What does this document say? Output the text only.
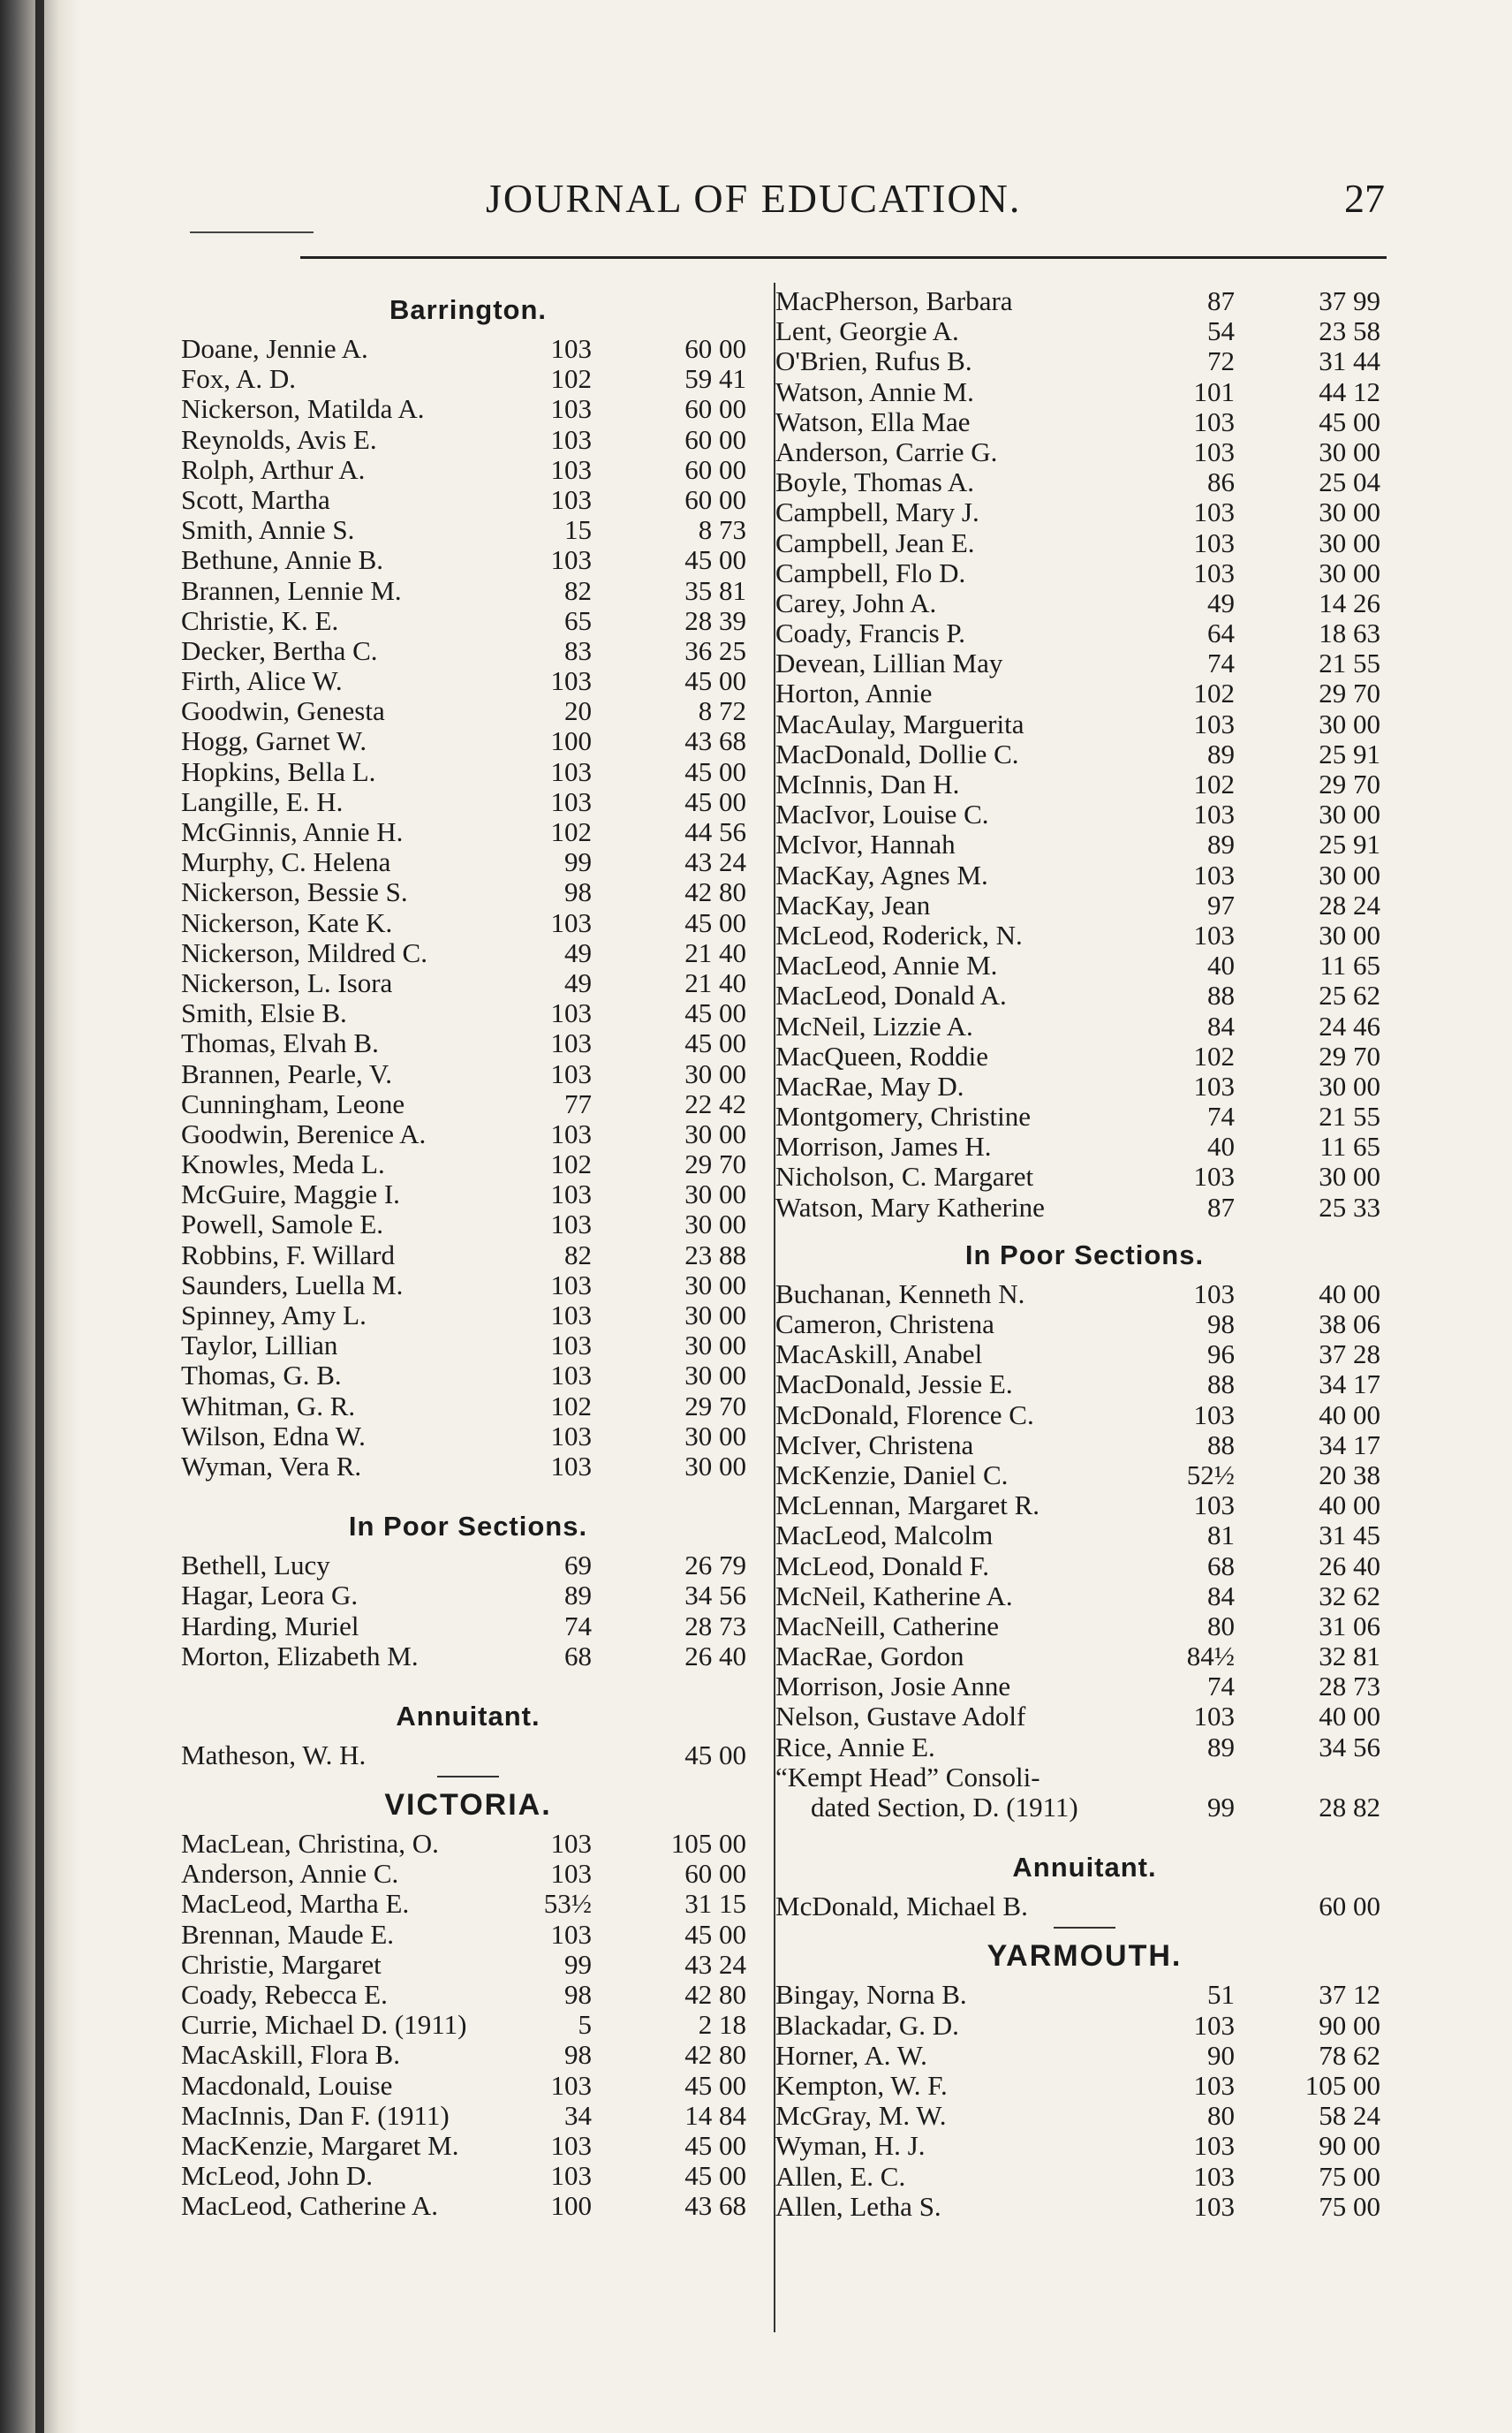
JOURNAL OF EDUCATION.	27
Barrington.
Doane, Jennie A.	103	60 00
Fox, A. D.	102	59 41
Nickerson, Matilda A.	103	60 00
Reynolds, Avis E.	103	60 00
Rolph, Arthur A.	103	60 00
Scott, Martha	103	60 00
Smith, Annie S.	15	8 73
Bethune, Annie B.	103	45 00
Brannen, Lennie M.	82	35 81
Christie, K. E.	65	28 39
Decker, Bertha C.	83	36 25
Firth, Alice W.	103	45 00
Goodwin, Genesta	20	8 72
Hogg, Garnet W.	100	43 68
Hopkins, Bella L.	103	45 00
Langille, E. H.	103	45 00
McGinnis, Annie H.	102	44 56
Murphy, C. Helena	99	43 24
Nickerson, Bessie S.	98	42 80
Nickerson, Kate K.	103	45 00
Nickerson, Mildred C.	49	21 40
Nickerson, L. Isora	49	21 40
Smith, Elsie B.	103	45 00
Thomas, Elvah B.	103	45 00
Brannen, Pearle, V.	103	30 00
Cunningham, Leone	77	22 42
Goodwin, Berenice A.	103	30 00
Knowles, Meda L.	102	29 70
McGuire, Maggie I.	103	30 00
Powell, Samole E.	103	30 00
Robbins, F. Willard	82	23 88
Saunders, Luella M.	103	30 00
Spinney, Amy L.	103	30 00
Taylor, Lillian	103	30 00
Thomas, G. B.	103	30 00
Whitman, G. R.	102	29 70
Wilson, Edna W.	103	30 00
Wyman, Vera R.	103	30 00
In Poor Sections.
Bethell, Lucy	69	26 79
Hagar, Leora G.	89	34 56
Harding, Muriel	74	28 73
Morton, Elizabeth M.	68	26 40
Annuitant.
Matheson, W. H.	45 00
VICTORIA.
MacLean, Christina, O.	103	105 00
Anderson, Annie C.	103	60 00
MacLeod, Martha E.	53½	31 15
Brennan, Maude E.	103	45 00
Christie, Margaret	99	43 24
Coady, Rebecca E.	98	42 80
Currie, Michael D. (1911)	5	2 18
MacAskill, Flora B.	98	42 80
Macdonald, Louise	103	45 00
MacInnis, Dan F. (1911)	34	14 84
MacKenzie, Margaret M.	103	45 00
McLeod, John D.	103	45 00
MacLeod, Catherine A.	100	43 68
MacPherson, Barbara	87	37 99
Lent, Georgie A.	54	23 58
O'Brien, Rufus B.	72	31 44
Watson, Annie M.	101	44 12
Watson, Ella Mae	103	45 00
Anderson, Carrie G.	103	30 00
Boyle, Thomas A.	86	25 04
Campbell, Mary J.	103	30 00
Campbell, Jean E.	103	30 00
Campbell, Flo D.	103	30 00
Carey, John A.	49	14 26
Coady, Francis P.	64	18 63
Devean, Lillian May	74	21 55
Horton, Annie	102	29 70
MacAulay, Marguerita	103	30 00
MacDonald, Dollie C.	89	25 91
McInnis, Dan H.	102	29 70
MacIvor, Louise C.	103	30 00
McIvor, Hannah	89	25 91
MacKay, Agnes M.	103	30 00
MacKay, Jean	97	28 24
McLeod, Roderick, N.	103	30 00
MacLeod, Annie M.	40	11 65
MacLeod, Donald A.	88	25 62
McNeil, Lizzie A.	84	24 46
MacQueen, Roddie	102	29 70
MacRae, May D.	103	30 00
Montgomery, Christine	74	21 55
Morrison, James H.	40	11 65
Nicholson, C. Margaret	103	30 00
Watson, Mary Katherine	87	25 33
In Poor Sections.
Buchanan, Kenneth N.	103	40 00
Cameron, Christena	98	38 06
MacAskill, Anabel	96	37 28
MacDonald, Jessie E.	88	34 17
McDonald, Florence C.	103	40 00
McIver, Christena	88	34 17
McKenzie, Daniel C.	52½	20 38
McLennan, Margaret R.	103	40 00
MacLeod, Malcolm	81	31 45
McLeod, Donald F.	68	26 40
McNeil, Katherine A.	84	32 62
MacNeill, Catherine	80	31 06
MacRae, Gordon	84½	32 81
Morrison, Josie Anne	74	28 73
Nelson, Gustave Adolf	103	40 00
Rice, Annie E.	89	34 56
“Kempt Head” Consoli-
dated Section, D. (1911)	99	28 82
Annuitant.
McDonald, Michael B.	60 00
YARMOUTH.
Bingay, Norna B.	51	37 12
Blackadar, G. D.	103	90 00
Horner, A. W.	90	78 62
Kempton, W. F.	103	105 00
McGray, M. W.	80	58 24
Wyman, H. J.	103	90 00
Allen, E. C.	103	75 00
Allen, Letha S.	103	75 00
